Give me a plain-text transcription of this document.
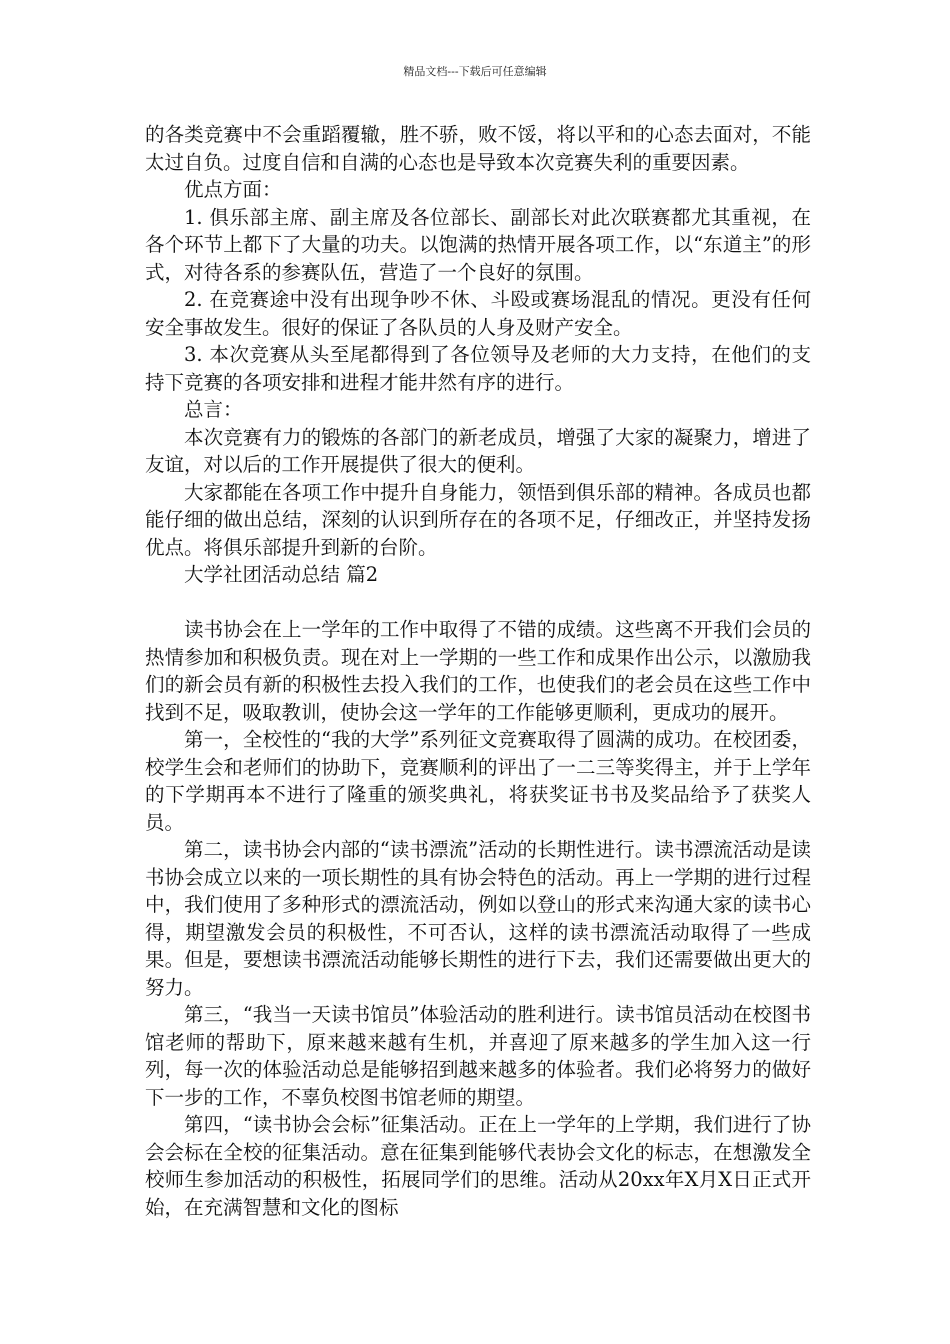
精品文档---下载后可任意编辑

的各类竞赛中不会重蹈覆辙，胜不骄，败不馁，将以平和的心态去面对，不能太过自负。过度自信和自满的心态也是导致本次竞赛失利的重要因素。

优点方面：

1. 俱乐部主席、副主席及各位部长、副部长对此次联赛都尤其重视，在各个环节上都下了大量的功夫。以饱满的热情开展各项工作，以“东道主”的形式，对待各系的参赛队伍，营造了一个良好的氛围。

2. 在竞赛途中没有出现争吵不休、斗殴或赛场混乱的情况。更没有任何安全事故发生。很好的保证了各队员的人身及财产安全。

3. 本次竞赛从头至尾都得到了各位领导及老师的大力支持，在他们的支持下竞赛的各项安排和进程才能井然有序的进行。

总言：

本次竞赛有力的锻炼的各部门的新老成员，增强了大家的凝聚力，增进了友谊，对以后的工作开展提供了很大的便利。

大家都能在各项工作中提升自身能力，领悟到俱乐部的精神。各成员也都能仔细的做出总结，深刻的认识到所存在的各项不足，仔细改正，并坚持发扬优点。将俱乐部提升到新的台阶。

大学社团活动总结 篇2

读书协会在上一学年的工作中取得了不错的成绩。这些离不开我们会员的热情参加和积极负责。现在对上一学期的一些工作和成果作出公示，以激励我们的新会员有新的积极性去投入我们的工作，也使我们的老会员在这些工作中找到不足，吸取教训，使协会这一学年的工作能够更顺利，更成功的展开。

第一，全校性的“我的大学”系列征文竞赛取得了圆满的成功。在校团委，校学生会和老师们的协助下，竞赛顺利的评出了一二三等奖得主，并于上学年的下学期再本不进行了隆重的颁奖典礼，将获奖证书书及奖品给予了获奖人员。

第二，读书协会内部的“读书漂流”活动的长期性进行。读书漂流活动是读书协会成立以来的一项长期性的具有协会特色的活动。再上一学期的进行过程中，我们使用了多种形式的漂流活动，例如以登山的形式来沟通大家的读书心得，期望激发会员的积极性，不可否认，这样的读书漂流活动取得了一些成果。但是，要想读书漂流活动能够长期性的进行下去，我们还需要做出更大的努力。

第三，“我当一天读书馆员”体验活动的胜利进行。读书馆员活动在校图书馆老师的帮助下，原来越来越有生机，并喜迎了原来越多的学生加入这一行列，每一次的体验活动总是能够招到越来越多的体验者。我们必将努力的做好下一步的工作，不辜负校图书馆老师的期望。

第四，“读书协会会标”征集活动。正在上一学年的上学期，我们进行了协会会标在全校的征集活动。意在征集到能够代表协会文化的标志，在想激发全校师生参加活动的积极性，拓展同学们的思维。活动从20xx年X月X日正式开始，在充满智慧和文化的图标
